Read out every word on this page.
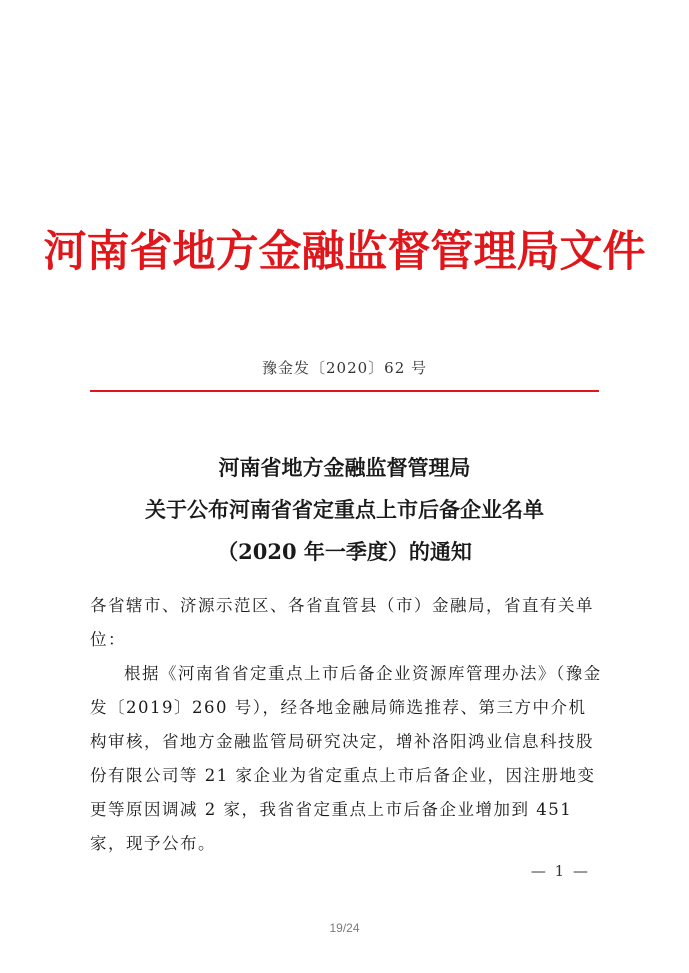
河南省地方金融监督管理局文件
豫金发〔2020〕62 号
河南省地方金融监督管理局
关于公布河南省省定重点上市后备企业名单
（2020 年一季度）的通知
各省辖市、济源示范区、各省直管县（市）金融局，省直有关单位：
根据《河南省省定重点上市后备企业资源库管理办法》（豫金发〔2019〕260 号），经各地金融局筛选推荐、第三方中介机构审核，省地方金融监管局研究决定，增补洛阳鸿业信息科技股份有限公司等 21 家企业为省定重点上市后备企业，因注册地变更等原因调减 2 家，我省省定重点上市后备企业增加到 451 家，现予公布。
— 1 —
19/24
